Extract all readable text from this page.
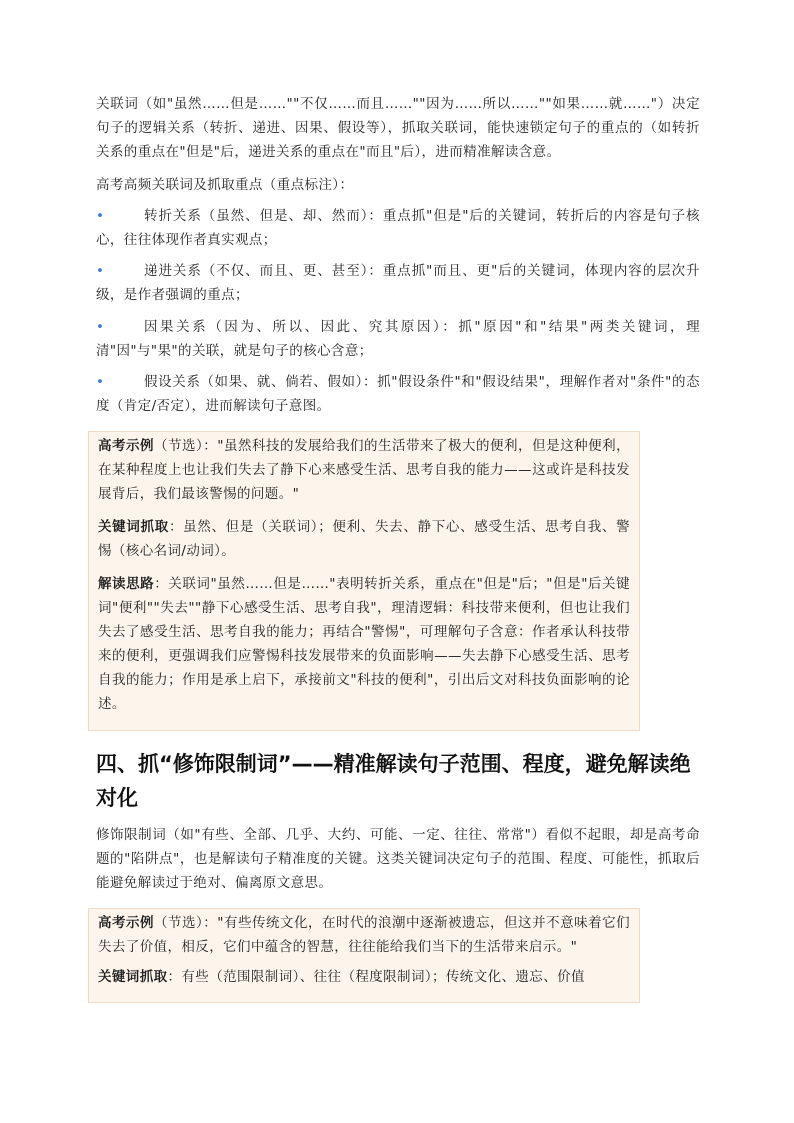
关联词（如"虽然……但是……""不仅……而且……""因为……所以……""如果……就……"）决定句子的逻辑关系（转折、递进、因果、假设等），抓取关联词，能快速锁定句子的重点的（如转折关系的重点在"但是"后，递进关系的重点在"而且"后），进而精准解读含意。

高考高频关联词及抓取重点（重点标注）：

•	转折关系（虽然、但是、却、然而）：重点抓"但是"后的关键词，转折后的内容是句子核心，往往体现作者真实观点；

•	递进关系（不仅、而且、更、甚至）：重点抓"而且、更"后的关键词，体现内容的层次升级，是作者强调的重点；

•	因果关系（因为、所以、因此、究其原因）：抓"原因"和"结果"两类关键词，理清"因"与"果"的关联，就是句子的核心含意；

•	假设关系（如果、就、倘若、假如）：抓"假设条件"和"假设结果"，理解作者对"条件"的态度（肯定/否定），进而解读句子意图。

高考示例（节选）："虽然科技的发展给我们的生活带来了极大的便利，但是这种便利，在某种程度上也让我们失去了静下心来感受生活、思考自我的能力——这或许是科技发展背后，我们最该警惕的问题。"

关键词抓取：虽然、但是（关联词）；便利、失去、静下心、感受生活、思考自我、警惕（核心名词/动词）。

解读思路：关联词"虽然……但是……"表明转折关系，重点在"但是"后；"但是"后关键词"便利""失去""静下心感受生活、思考自我"，理清逻辑：科技带来便利，但也让我们失去了感受生活、思考自我的能力；再结合"警惕"，可理解句子含意：作者承认科技带来的便利，更强调我们应警惕科技发展带来的负面影响——失去静下心感受生活、思考自我的能力；作用是承上启下，承接前文"科技的便利"，引出后文对科技负面影响的论述。

四、抓“修饰限制词”——精准解读句子范围、程度，避免解读绝对化

修饰限制词（如"有些、全部、几乎、大约、可能、一定、往往、常常"）看似不起眼，却是高考命题的"陷阱点"，也是解读句子精准度的关键。这类关键词决定句子的范围、程度、可能性，抓取后能避免解读过于绝对、偏离原文意思。

高考示例（节选）："有些传统文化，在时代的浪潮中逐渐被遗忘，但这并不意味着它们失去了价值，相反，它们中蕴含的智慧，往往能给我们当下的生活带来启示。"

关键词抓取：有些（范围限制词）、往往（程度限制词）；传统文化、遗忘、价值
